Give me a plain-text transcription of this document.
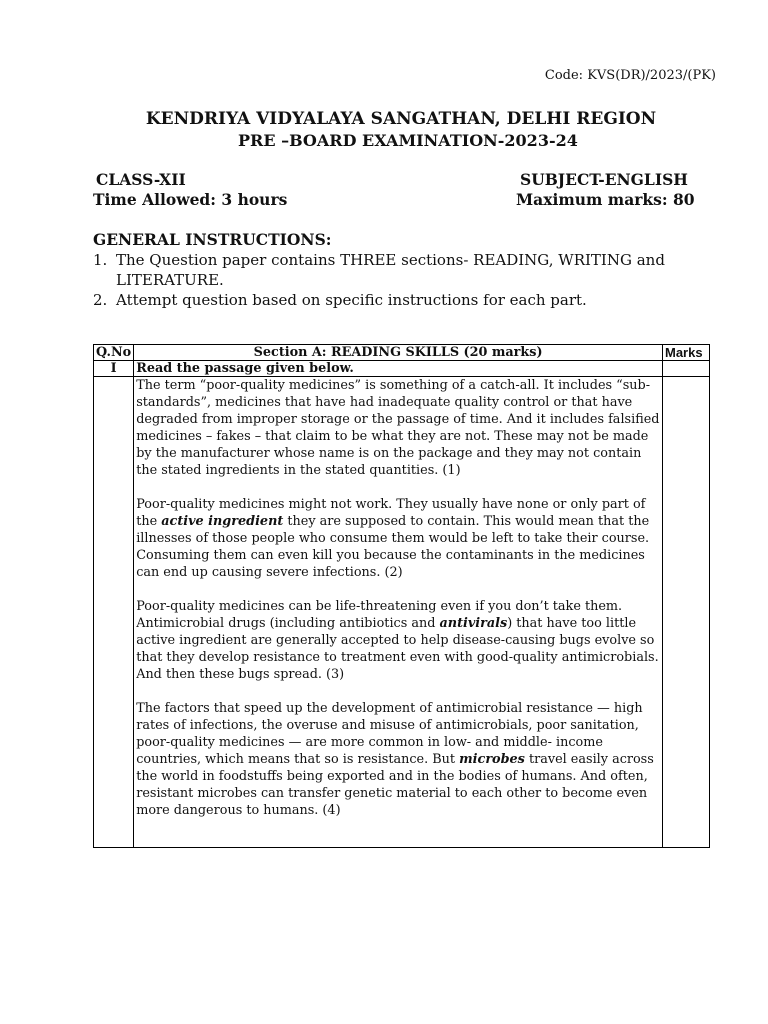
Code: KVS(DR)/2023/(PK)
KENDRIYA VIDYALAYA SANGATHAN, DELHI REGION
PRE –BOARD EXAMINATION-2023-24
CLASS-XII	SUBJECT-ENGLISH
Time Allowed: 3 hours	Maximum marks: 80
GENERAL INSTRUCTIONS:
1. The Question paper contains THREE sections- READING, WRITING and LITERATURE.
2. Attempt question based on specific instructions for each part.
Q.No	Section A: READING SKILLS (20 marks)	Marks
I	Read the passage given below.	

	The term “poor-quality medicines” is something of a catch-all. It includes “sub-standards”, medicines that have had inadequate quality control or that have degraded from improper storage or the passage of time. And it includes falsified medicines – fakes – that claim to be what they are not. These may not be made by the manufacturer whose name is on the package and they may not contain the stated ingredients in the stated quantities. (1)

Poor-quality medicines might not work. They usually have none or only part of the active ingredient they are supposed to contain. This would mean that the illnesses of those people who consume them would be left to take their course. Consuming them can even kill you because the contaminants in the medicines can end up causing severe infections. (2)

Poor-quality medicines can be life-threatening even if you don’t take them. Antimicrobial drugs (including antibiotics and antivirals) that have too little active ingredient are generally accepted to help disease-causing bugs evolve so that they develop resistance to treatment even with good-quality antimicrobials. And then these bugs spread. (3)

The factors that speed up the development of antimicrobial resistance — high rates of infections, the overuse and misuse of antimicrobials, poor sanitation, poor-quality medicines — are more common in low- and middle- income countries, which means that so is resistance. But microbes travel easily across the world in foodstuffs being exported and in the bodies of humans. And often, resistant microbes can transfer genetic material to each other to become even more dangerous to humans. (4)	
